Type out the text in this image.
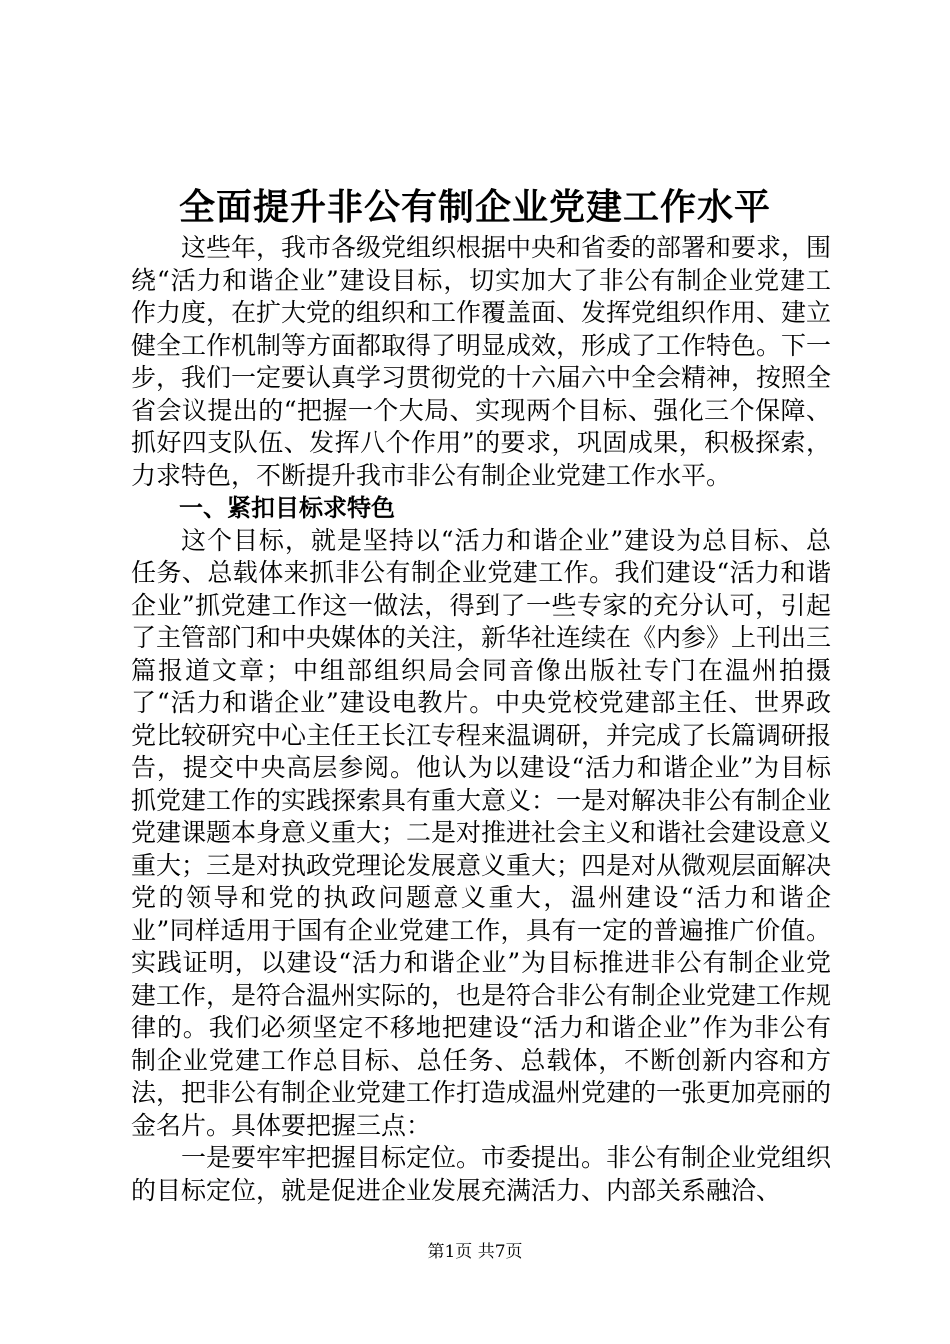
全面提升非公有制企业党建工作水平

这些年，我市各级党组织根据中央和省委的部署和要求，围绕“活力和谐企业”建设目标，切实加大了非公有制企业党建工作力度，在扩大党的组织和工作覆盖面、发挥党组织作用、建立健全工作机制等方面都取得了明显成效，形成了工作特色。下一步，我们一定要认真学习贯彻党的十六届六中全会精神，按照全省会议提出的“把握一个大局、实现两个目标、强化三个保障、抓好四支队伍、发挥八个作用”的要求，巩固成果，积极探索，力求特色，不断提升我市非公有制企业党建工作水平。

一、紧扣目标求特色

这个目标，就是坚持以“活力和谐企业”建设为总目标、总任务、总载体来抓非公有制企业党建工作。我们建设“活力和谐企业”抓党建工作这一做法，得到了一些专家的充分认可，引起了主管部门和中央媒体的关注，新华社连续在《内参》上刊出三篇报道文章；中组部组织局会同音像出版社专门在温州拍摄了“活力和谐企业”建设电教片。中央党校党建部主任、世界政党比较研究中心主任王长江专程来温调研，并完成了长篇调研报告，提交中央高层参阅。他认为以建设“活力和谐企业”为目标抓党建工作的实践探索具有重大意义：一是对解决非公有制企业党建课题本身意义重大；二是对推进社会主义和谐社会建设意义重大；三是对执政党理论发展意义重大；四是对从微观层面解决党的领导和党的执政问题意义重大，温州建设“活力和谐企业”同样适用于国有企业党建工作，具有一定的普遍推广价值。实践证明，以建设“活力和谐企业”为目标推进非公有制企业党建工作，是符合温州实际的，也是符合非公有制企业党建工作规律的。我们必须坚定不移地把建设“活力和谐企业”作为非公有制企业党建工作总目标、总任务、总载体，不断创新内容和方法，把非公有制企业党建工作打造成温州党建的一张更加亮丽的金名片。具体要把握三点：

一是要牢牢把握目标定位。市委提出。非公有制企业党组织的目标定位，就是促进企业发展充满活力、内部关系融洽、

第1页 共7页
